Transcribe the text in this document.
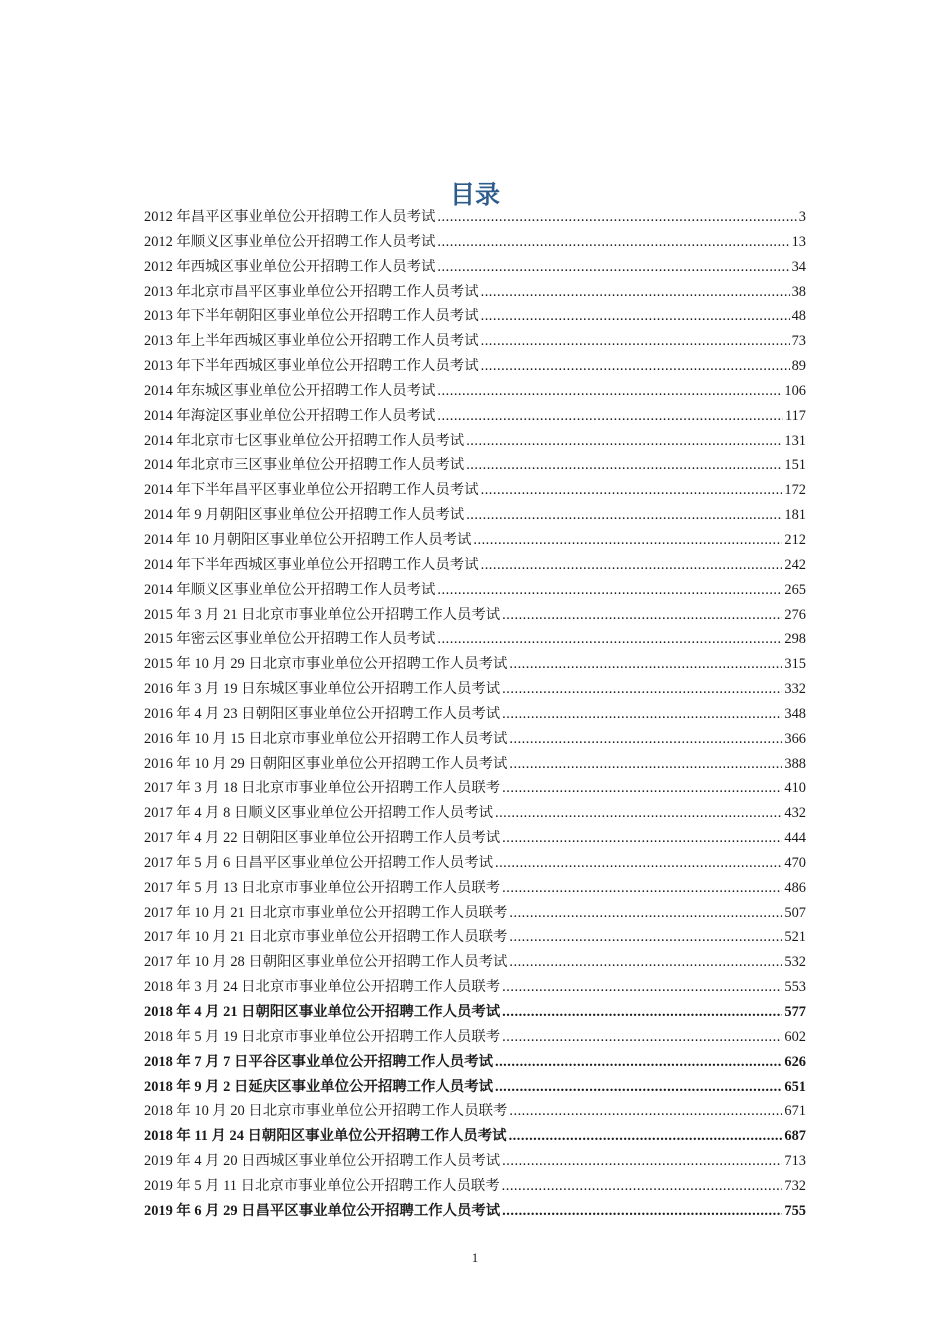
目录
2012 年昌平区事业单位公开招聘工作人员考试 .....	3
2012 年顺义区事业单位公开招聘工作人员考试 .....	13
2012 年西城区事业单位公开招聘工作人员考试 .....	34
2013 年北京市昌平区事业单位公开招聘工作人员考试 .....	38
2013 年下半年朝阳区事业单位公开招聘工作人员考试 .....	48
2013 年上半年西城区事业单位公开招聘工作人员考试 .....	73
2013 年下半年西城区事业单位公开招聘工作人员考试 .....	89
2014 年东城区事业单位公开招聘工作人员考试 .....	106
2014 年海淀区事业单位公开招聘工作人员考试 .....	117
2014 年北京市七区事业单位公开招聘工作人员考试 .....	131
2014 年北京市三区事业单位公开招聘工作人员考试 .....	151
2014 年下半年昌平区事业单位公开招聘工作人员考试 .....	172
2014 年 9 月朝阳区事业单位公开招聘工作人员考试 .....	181
2014 年 10 月朝阳区事业单位公开招聘工作人员考试 .....	212
2014 年下半年西城区事业单位公开招聘工作人员考试 .....	242
2014 年顺义区事业单位公开招聘工作人员考试 .....	265
2015 年 3 月 21 日北京市事业单位公开招聘工作人员考试 .....	276
2015 年密云区事业单位公开招聘工作人员考试 .....	298
2015 年 10 月 29 日北京市事业单位公开招聘工作人员考试 .....	315
2016 年 3 月 19 日东城区事业单位公开招聘工作人员考试 .....	332
2016 年 4 月 23 日朝阳区事业单位公开招聘工作人员考试 .....	348
2016 年 10 月 15 日北京市事业单位公开招聘工作人员考试 .....	366
2016 年 10 月 29 日朝阳区事业单位公开招聘工作人员考试 .....	388
2017 年 3 月 18 日北京市事业单位公开招聘工作人员联考 .....	410
2017 年 4 月 8 日顺义区事业单位公开招聘工作人员考试 .....	432
2017 年 4 月 22 日朝阳区事业单位公开招聘工作人员考试 .....	444
2017 年 5 月 6 日昌平区事业单位公开招聘工作人员考试 .....	470
2017 年 5 月 13 日北京市事业单位公开招聘工作人员联考 .....	486
2017 年 10 月 21 日北京市事业单位公开招聘工作人员联考 .....	507
2017 年 10 月 21 日北京市事业单位公开招聘工作人员联考 .....	521
2017 年 10 月 28 日朝阳区事业单位公开招聘工作人员考试 .....	532
2018 年 3 月 24 日北京市事业单位公开招聘工作人员联考 .....	553
2018 年 4 月 21 日朝阳区事业单位公开招聘工作人员考试 .....	577
2018 年 5 月 19 日北京市事业单位公开招聘工作人员联考 .....	602
2018 年 7 月 7 日平谷区事业单位公开招聘工作人员考试 .....	626
2018 年 9 月 2 日延庆区事业单位公开招聘工作人员考试 .....	651
2018 年 10 月 20 日北京市事业单位公开招聘工作人员联考 .....	671
2018 年 11 月 24 日朝阳区事业单位公开招聘工作人员考试 .....	687
2019 年 4 月 20 日西城区事业单位公开招聘工作人员考试 .....	713
2019 年 5 月 11 日北京市事业单位公开招聘工作人员联考 .....	732
2019 年 6 月 29 日昌平区事业单位公开招聘工作人员考试 .....	755
1
